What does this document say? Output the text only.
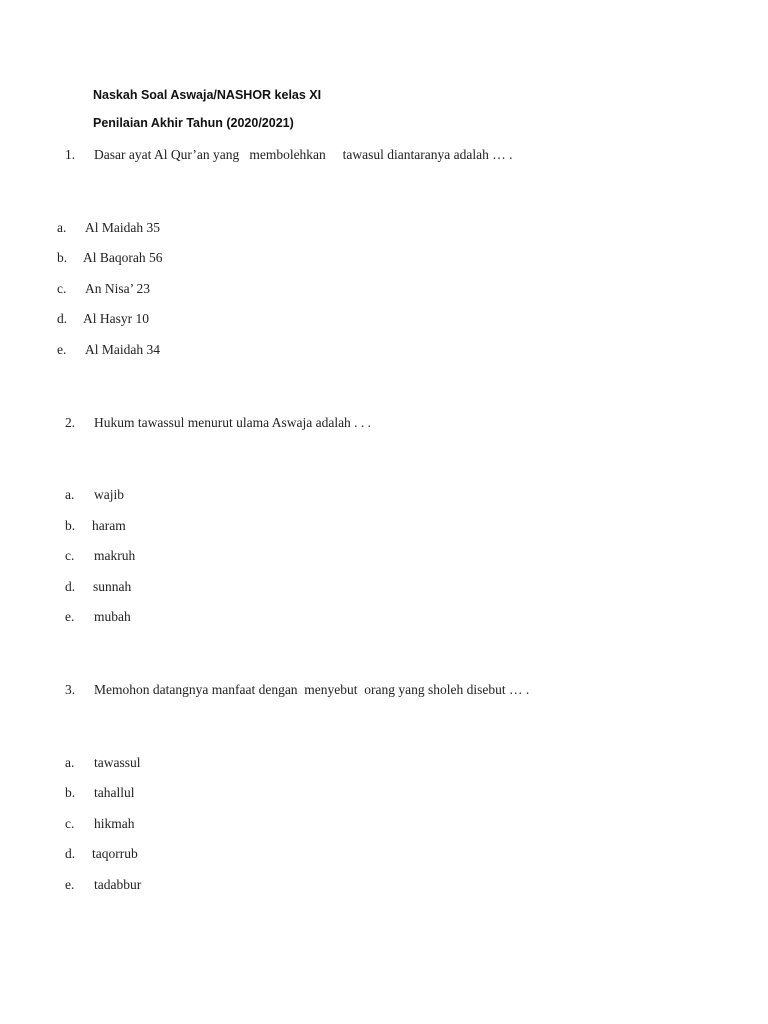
Naskah Soal Aswaja/NASHOR kelas XI
Penilaian Akhir Tahun (2020/2021)
1. Dasar ayat Al Qur’an yang   membolehkan     tawasul diantaranya adalah … .
a. Al Maidah 35
b. Al Baqorah 56
c. An Nisa’ 23
d. Al Hasyr 10
e. Al Maidah 34
2. Hukum tawassul menurut ulama Aswaja adalah . . .
a. wajib
b. haram
c. makruh
d. sunnah
e. mubah
3. Memohon datangnya manfaat dengan  menyebut  orang yang sholeh disebut … .
a. tawassul
b. tahallul
c. hikmah
d. taqorrub
e. tadabbur
